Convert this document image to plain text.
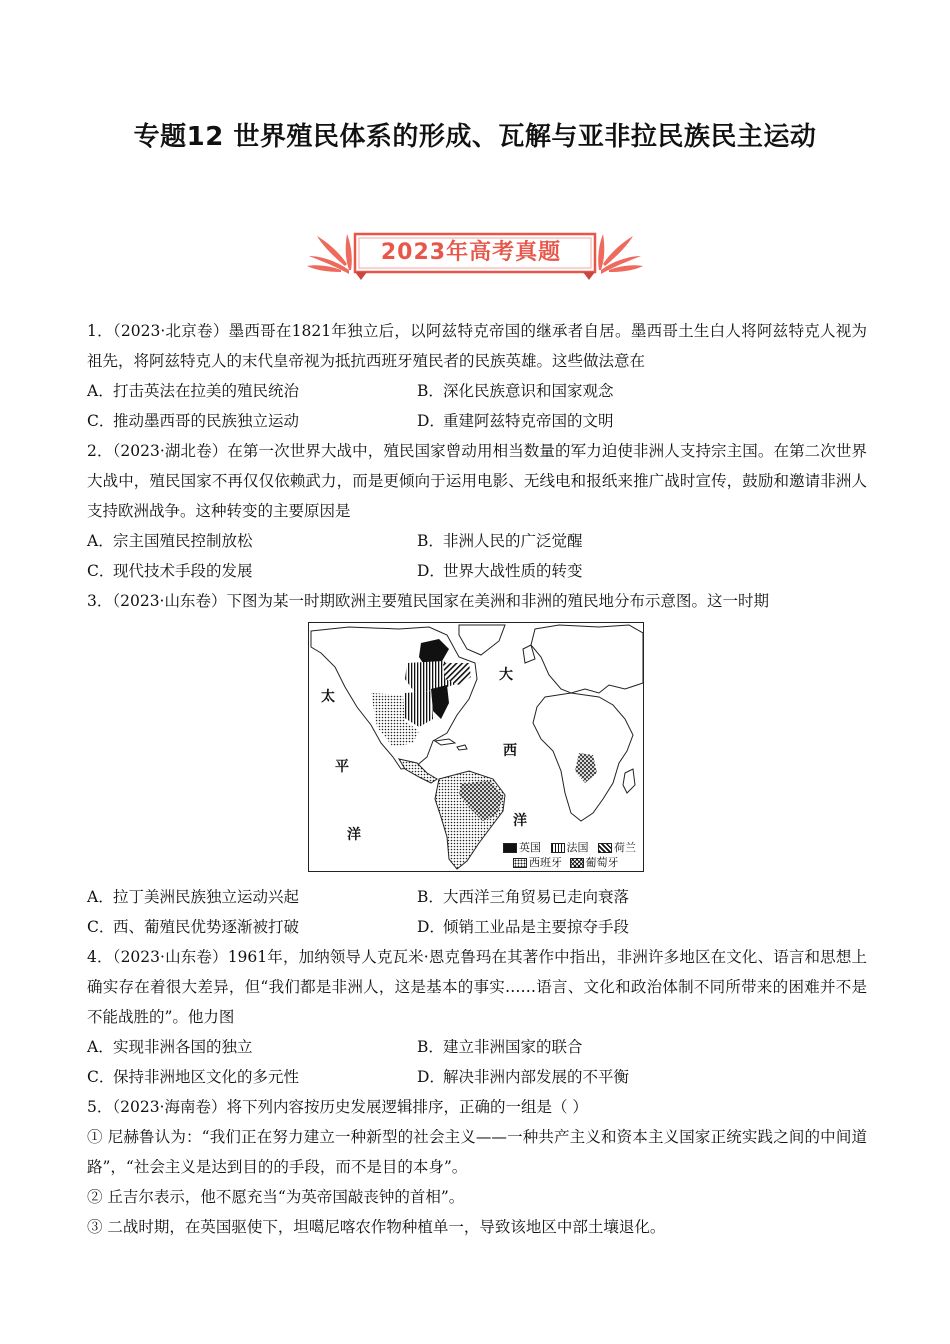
专题12 世界殖民体系的形成、瓦解与亚非拉民族民主运动
2023年高考真题

1．（2023·北京卷）墨西哥在1821年独立后，以阿兹特克帝国的继承者自居。墨西哥土生白人将阿兹特克人视为祖先，将阿兹特克人的末代皇帝视为抵抗西班牙殖民者的民族英雄。这些做法意在

A．打击英法在拉美的殖民统治	B．深化民族意识和国家观念

C．推动墨西哥的民族独立运动	D．重建阿兹特克帝国的文明

2．（2023·湖北卷）在第一次世界大战中，殖民国家曾动用相当数量的军力迫使非洲人支持宗主国。在第二次世界大战中，殖民国家不再仅仅依赖武力，而是更倾向于运用电影、无线电和报纸来推广战时宣传，鼓励和邀请非洲人支持欧洲战争。这种转变的主要原因是

A．宗主国殖民控制放松	B．非洲人民的广泛觉醒

C．现代技术手段的发展	D．世界大战性质的转变

3．（2023·山东卷）下图为某一时期欧洲主要殖民国家在美洲和非洲的殖民地分布示意图。这一时期

太
平
洋
大
西
洋
英国 法国 荷兰
西班牙 葡萄牙

A．拉丁美洲民族独立运动兴起	B．大西洋三角贸易已走向衰落

C．西、葡殖民优势逐渐被打破	D．倾销工业品是主要掠夺手段

4．（2023·山东卷）1961年，加纳领导人克瓦米·恩克鲁玛在其著作中指出，非洲许多地区在文化、语言和思想上确实存在着很大差异，但“我们都是非洲人，这是基本的事实……语言、文化和政治体制不同所带来的困难并不是不能战胜的”。他力图

A．实现非洲各国的独立	B．建立非洲国家的联合

C．保持非洲地区文化的多元性	D．解决非洲内部发展的不平衡

5．（2023·海南卷）将下列内容按历史发展逻辑排序，正确的一组是（ ）

① 尼赫鲁认为：“我们正在努力建立一种新型的社会主义——一种共产主义和资本主义国家正统实践之间的中间道路”，“社会主义是达到目的的手段，而不是目的本身”。

② 丘吉尔表示，他不愿充当“为英帝国敲丧钟的首相”。

③ 二战时期，在英国驱使下，坦噶尼喀农作物种植单一，导致该地区中部土壤退化。
